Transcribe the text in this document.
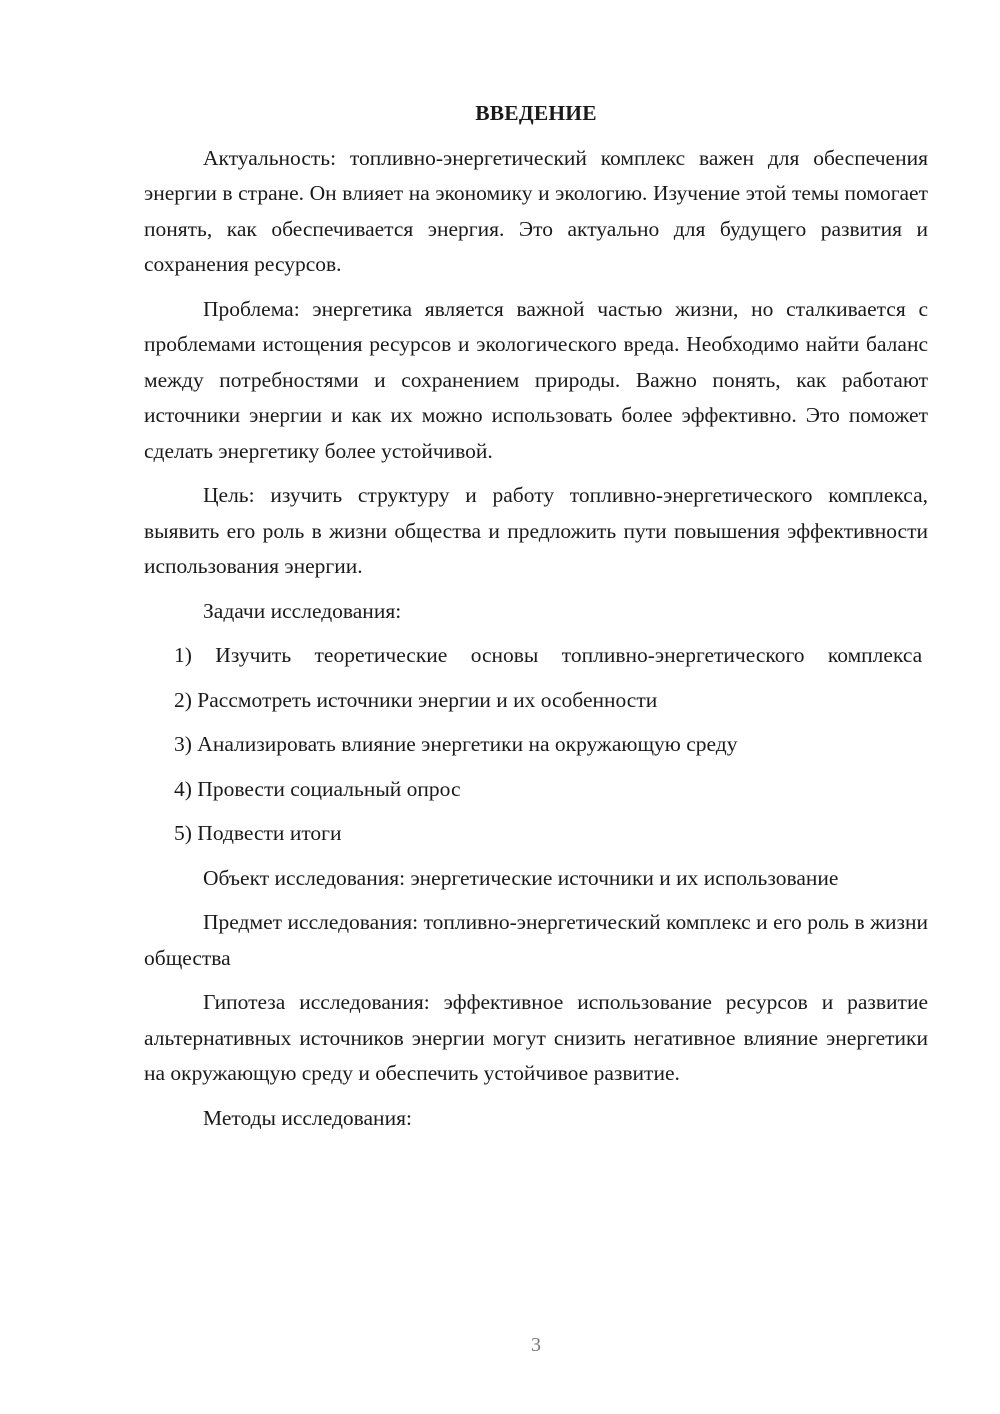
ВВЕДЕНИЕ

Актуальность: топливно-энергетический комплекс важен для обеспечения энергии в стране. Он влияет на экономику и экологию. Изучение этой темы помогает понять, как обеспечивается энергия. Это актуально для будущего развития и сохранения ресурсов.

Проблема: энергетика является важной частью жизни, но сталкивается с проблемами истощения ресурсов и экологического вреда. Необходимо найти баланс между потребностями и сохранением природы. Важно понять, как работают источники энергии и как их можно использовать более эффективно. Это поможет сделать энергетику более устойчивой.

Цель: изучить структуру и работу топливно-энергетического комплекса, выявить его роль в жизни общества и предложить пути повышения эффективности использования энергии.

Задачи исследования:

1) Изучить теоретические основы топливно-энергетического комплекса

2) Рассмотреть источники энергии и их особенности

3) Анализировать влияние энергетики на окружающую среду

4) Провести социальный опрос

5) Подвести итоги

Объект исследования: энергетические источники и их использование

Предмет исследования: топливно-энергетический комплекс и его роль в жизни общества

Гипотеза исследования: эффективное использование ресурсов и развитие альтернативных источников энергии могут снизить негативное влияние энергетики на окружающую среду и обеспечить устойчивое развитие.

Методы исследования:

3
